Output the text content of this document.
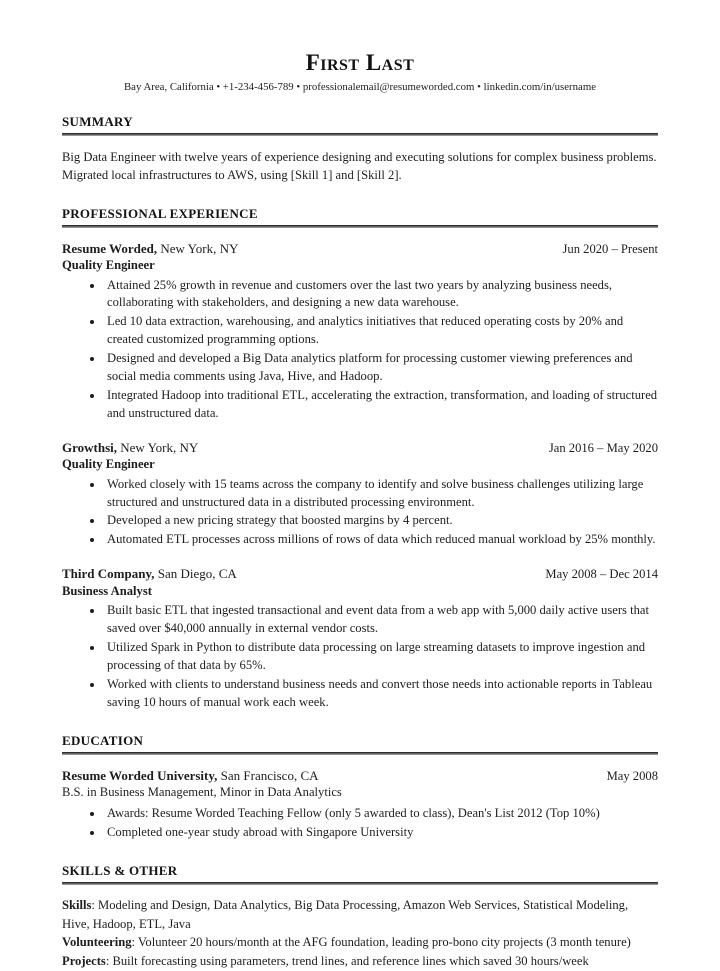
First Last
Bay Area, California • +1-234-456-789 • professionalemail@resumeworded.com • linkedin.com/in/username
SUMMARY

Big Data Engineer with twelve years of experience designing and executing solutions for complex business problems. Migrated local infrastructures to AWS, using [Skill 1] and [Skill 2].

PROFESSIONAL EXPERIENCE
Resume Worded, New York, NY	Jun 2020 – Present
Quality Engineer
• Attained 25% growth in revenue and customers over the last two years by analyzing business needs, collaborating with stakeholders, and designing a new data warehouse.
• Led 10 data extraction, warehousing, and analytics initiatives that reduced operating costs by 20% and created customized programming options.
• Designed and developed a Big Data analytics platform for processing customer viewing preferences and social media comments using Java, Hive, and Hadoop.
• Integrated Hadoop into traditional ETL, accelerating the extraction, transformation, and loading of structured and unstructured data.
Growthsi, New York, NY	Jan 2016 – May 2020
Quality Engineer
• Worked closely with 15 teams across the company to identify and solve business challenges utilizing large structured and unstructured data in a distributed processing environment.
• Developed a new pricing strategy that boosted margins by 4 percent.
• Automated ETL processes across millions of rows of data which reduced manual workload by 25% monthly.
Third Company, San Diego, CA	May 2008 – Dec 2014
Business Analyst
• Built basic ETL that ingested transactional and event data from a web app with 5,000 daily active users that saved over $40,000 annually in external vendor costs.
• Utilized Spark in Python to distribute data processing on large streaming datasets to improve ingestion and processing of that data by 65%.
• Worked with clients to understand business needs and convert those needs into actionable reports in Tableau saving 10 hours of manual work each week.
EDUCATION
Resume Worded University, San Francisco, CA	May 2008
B.S. in Business Management, Minor in Data Analytics
• Awards: Resume Worded Teaching Fellow (only 5 awarded to class), Dean's List 2012 (Top 10%)
• Completed one-year study abroad with Singapore University
SKILLS & OTHER

Skills: Modeling and Design, Data Analytics, Big Data Processing, Amazon Web Services, Statistical Modeling, Hive, Hadoop, ETL, Java

Volunteering: Volunteer 20 hours/month at the AFG foundation, leading pro-bono city projects (3 month tenure)

Projects: Built forecasting using parameters, trend lines, and reference lines which saved 30 hours/week
